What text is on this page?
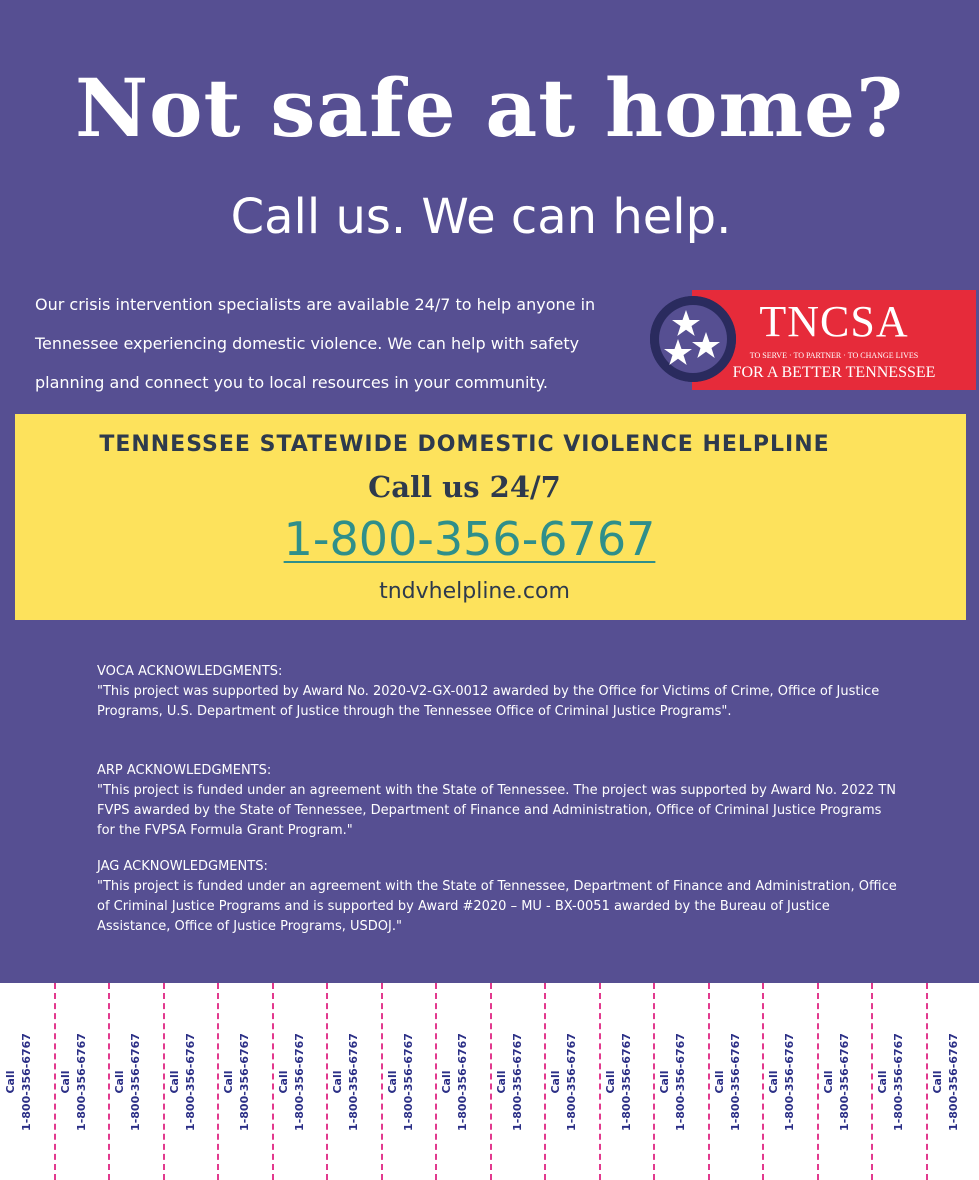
Not safe at home?
Call us. We can help.
Our crisis intervention specialists are available 24/7 to help anyone in
Tennessee experiencing domestic violence. We can help with safety
planning and connect you to local resources in your community.
TNCSA
TO SERVE · TO PARTNER · TO CHANGE LIVES
FOR A BETTER TENNESSEE
TENNESSEE STATEWIDE DOMESTIC VIOLENCE HELPLINE
Call us 24/7
1-800-356-6767
tndvhelpline.com

VOCA ACKNOWLEDGMENTS:

"This project was supported by Award No. 2020-V2-GX-0012 awarded by the Office for Victims of Crime, Office of Justice Programs, U.S. Department of Justice through the Tennessee Office of Criminal Justice Programs".

ARP ACKNOWLEDGMENTS:

"This project is funded under an agreement with the State of Tennessee. The project was supported by Award No. 2022 TN FVPS awarded by the State of Tennessee, Department of Finance and Administration, Office of Criminal Justice Programs for the FVPSA Formula Grant Program."

JAG ACKNOWLEDGMENTS:

"This project is funded under an agreement with the State of Tennessee, Department of Finance and Administration, Office of Criminal Justice Programs and is supported by Award #2020 – MU - BX-0051 awarded by the Bureau of Justice Assistance, Office of Justice Programs, USDOJ."

Call 1-800-356-6767 Call 1-800-356-6767 Call 1-800-356-6767 Call 1-800-356-6767 Call 1-800-356-6767 Call 1-800-356-6767 Call 1-800-356-6767 Call 1-800-356-6767 Call 1-800-356-6767 Call 1-800-356-6767 Call 1-800-356-6767 Call 1-800-356-6767 Call 1-800-356-6767 Call 1-800-356-6767 Call 1-800-356-6767 Call 1-800-356-6767 Call 1-800-356-6767 Call 1-800-356-6767
